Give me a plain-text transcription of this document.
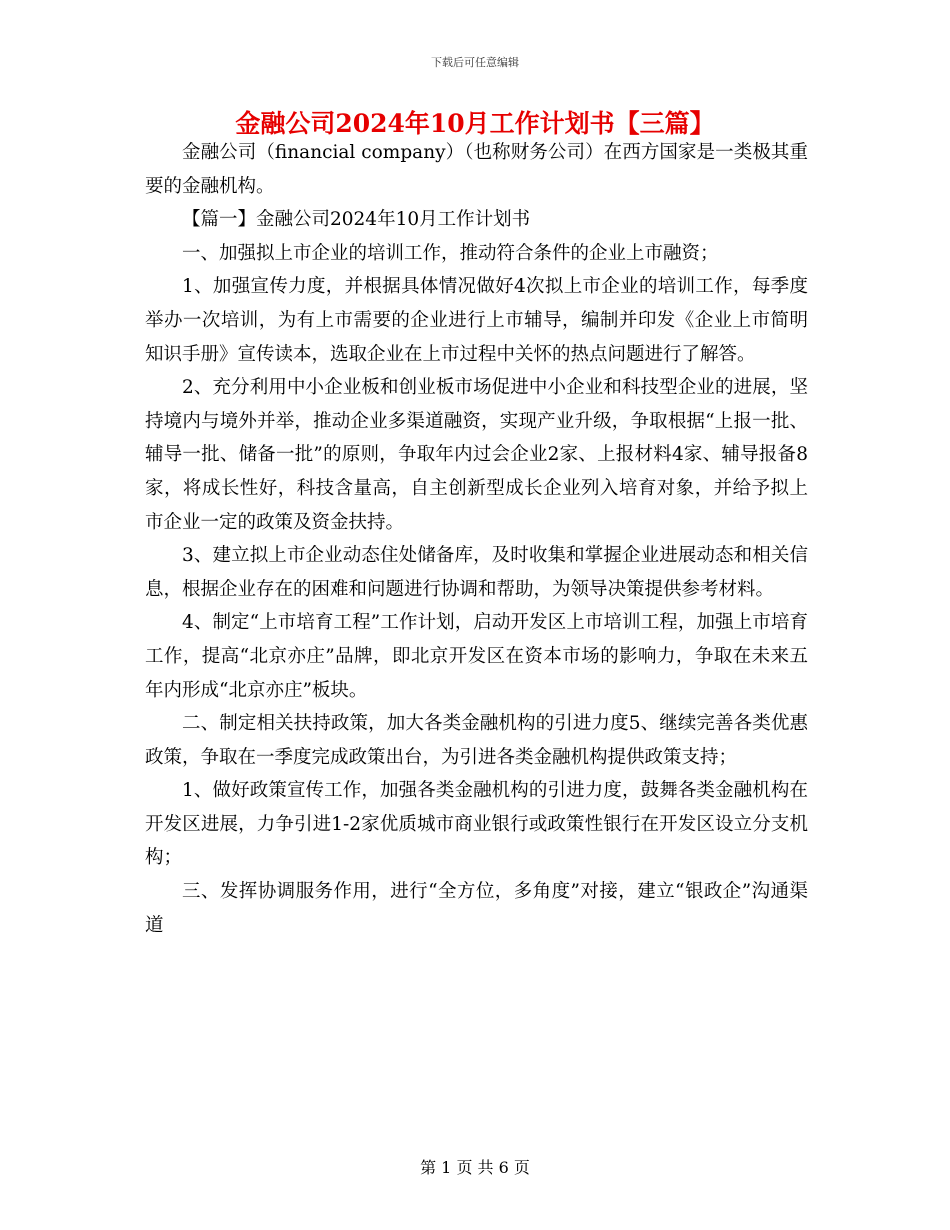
下载后可任意编辑
金融公司2024年10月工作计划书【三篇】

金融公司（financial company）（也称财务公司）在西方国家是一类极其重要的金融机构。

【篇一】金融公司2024年10月工作计划书

一、加强拟上市企业的培训工作，推动符合条件的企业上市融资；

1、加强宣传力度，并根据具体情况做好4次拟上市企业的培训工作，每季度举办一次培训，为有上市需要的企业进行上市辅导，编制并印发《企业上市简明知识手册》宣传读本，选取企业在上市过程中关怀的热点问题进行了解答。

2、充分利用中小企业板和创业板市场促进中小企业和科技型企业的进展，坚持境内与境外并举，推动企业多渠道融资，实现产业升级，争取根据“上报一批、辅导一批、储备一批”的原则，争取年内过会企业2家、上报材料4家、辅导报备8家，将成长性好，科技含量高，自主创新型成长企业列入培育对象，并给予拟上市企业一定的政策及资金扶持。

3、建立拟上市企业动态住处储备库，及时收集和掌握企业进展动态和相关信息，根据企业存在的困难和问题进行协调和帮助，为领导决策提供参考材料。

4、制定“上市培育工程”工作计划，启动开发区上市培训工程，加强上市培育工作，提高“北京亦庄”品牌，即北京开发区在资本市场的影响力，争取在未来五年内形成“北京亦庄”板块。

二、制定相关扶持政策，加大各类金融机构的引进力度5、继续完善各类优惠政策，争取在一季度完成政策出台，为引进各类金融机构提供政策支持；

1、做好政策宣传工作，加强各类金融机构的引进力度，鼓舞各类金融机构在开发区进展，力争引进1-2家优质城市商业银行或政策性银行在开发区设立分支机构；

三、发挥协调服务作用，进行“全方位，多角度”对接，建立“银政企”沟通渠道

第 1 页 共 6 页
